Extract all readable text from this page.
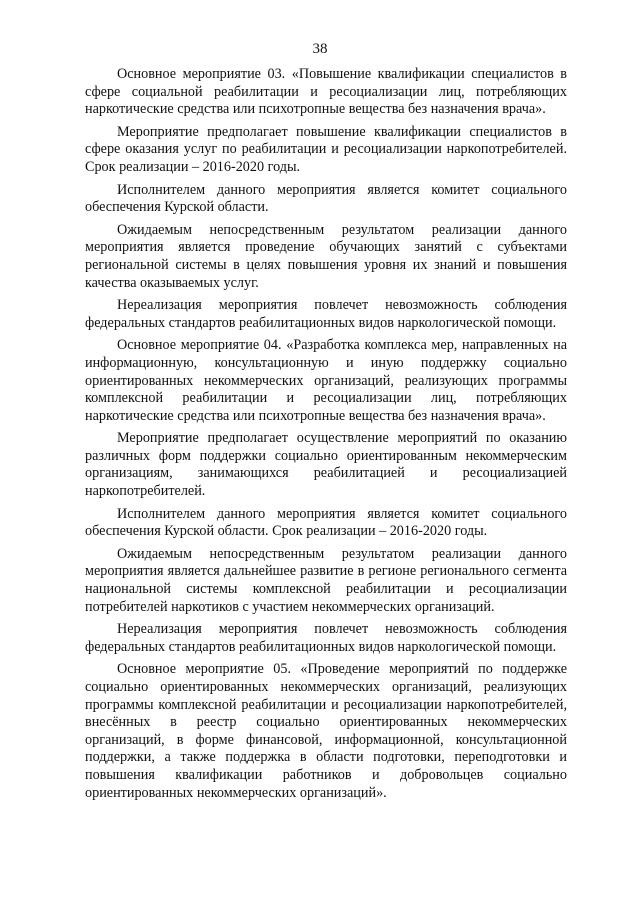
38

Основное мероприятие 03. «Повышение квалификации специалистов в сфере социальной реабилитации и ресоциализации лиц, потребляющих наркотические средства или психотропные вещества без назначения врача».

Мероприятие предполагает повышение квалификации специалистов в сфере оказания услуг по реабилитации и ресоциализации наркопотребителей. Срок реализации – 2016-2020 годы.

Исполнителем данного мероприятия является комитет социального обеспечения Курской области.

Ожидаемым непосредственным результатом реализации данного мероприятия является проведение обучающих занятий с субъектами региональной системы в целях повышения уровня их знаний и повышения качества оказываемых услуг.

Нереализация мероприятия повлечет невозможность соблюдения федеральных стандартов реабилитационных видов наркологической помощи.

Основное мероприятие 04. «Разработка комплекса мер, направленных на информационную, консультационную и иную поддержку социально ориентированных некоммерческих организаций, реализующих программы комплексной реабилитации и ресоциализации лиц, потребляющих наркотические средства или психотропные вещества без назначения врача».

Мероприятие предполагает осуществление мероприятий по оказанию различных форм поддержки социально ориентированным некоммерческим организациям, занимающихся реабилитацией и ресоциализацией наркопотребителей.

Исполнителем данного мероприятия является комитет социального обеспечения Курской области. Срок реализации – 2016-2020 годы.

Ожидаемым непосредственным результатом реализации данного мероприятия является дальнейшее развитие в регионе регионального сегмента национальной системы комплексной реабилитации и ресоциализации потребителей наркотиков с участием некоммерческих организаций.

Нереализация мероприятия повлечет невозможность соблюдения федеральных стандартов реабилитационных видов наркологической помощи.

Основное мероприятие 05. «Проведение мероприятий по поддержке социально ориентированных некоммерческих организаций, реализующих программы комплексной реабилитации и ресоциализации наркопотребителей, внесённых в реестр социально ориентированных некоммерческих организаций, в форме финансовой, информационной, консультационной поддержки, а также поддержка в области подготовки, переподготовки и повышения квалификации работников и добровольцев социально ориентированных некоммерческих организаций».
